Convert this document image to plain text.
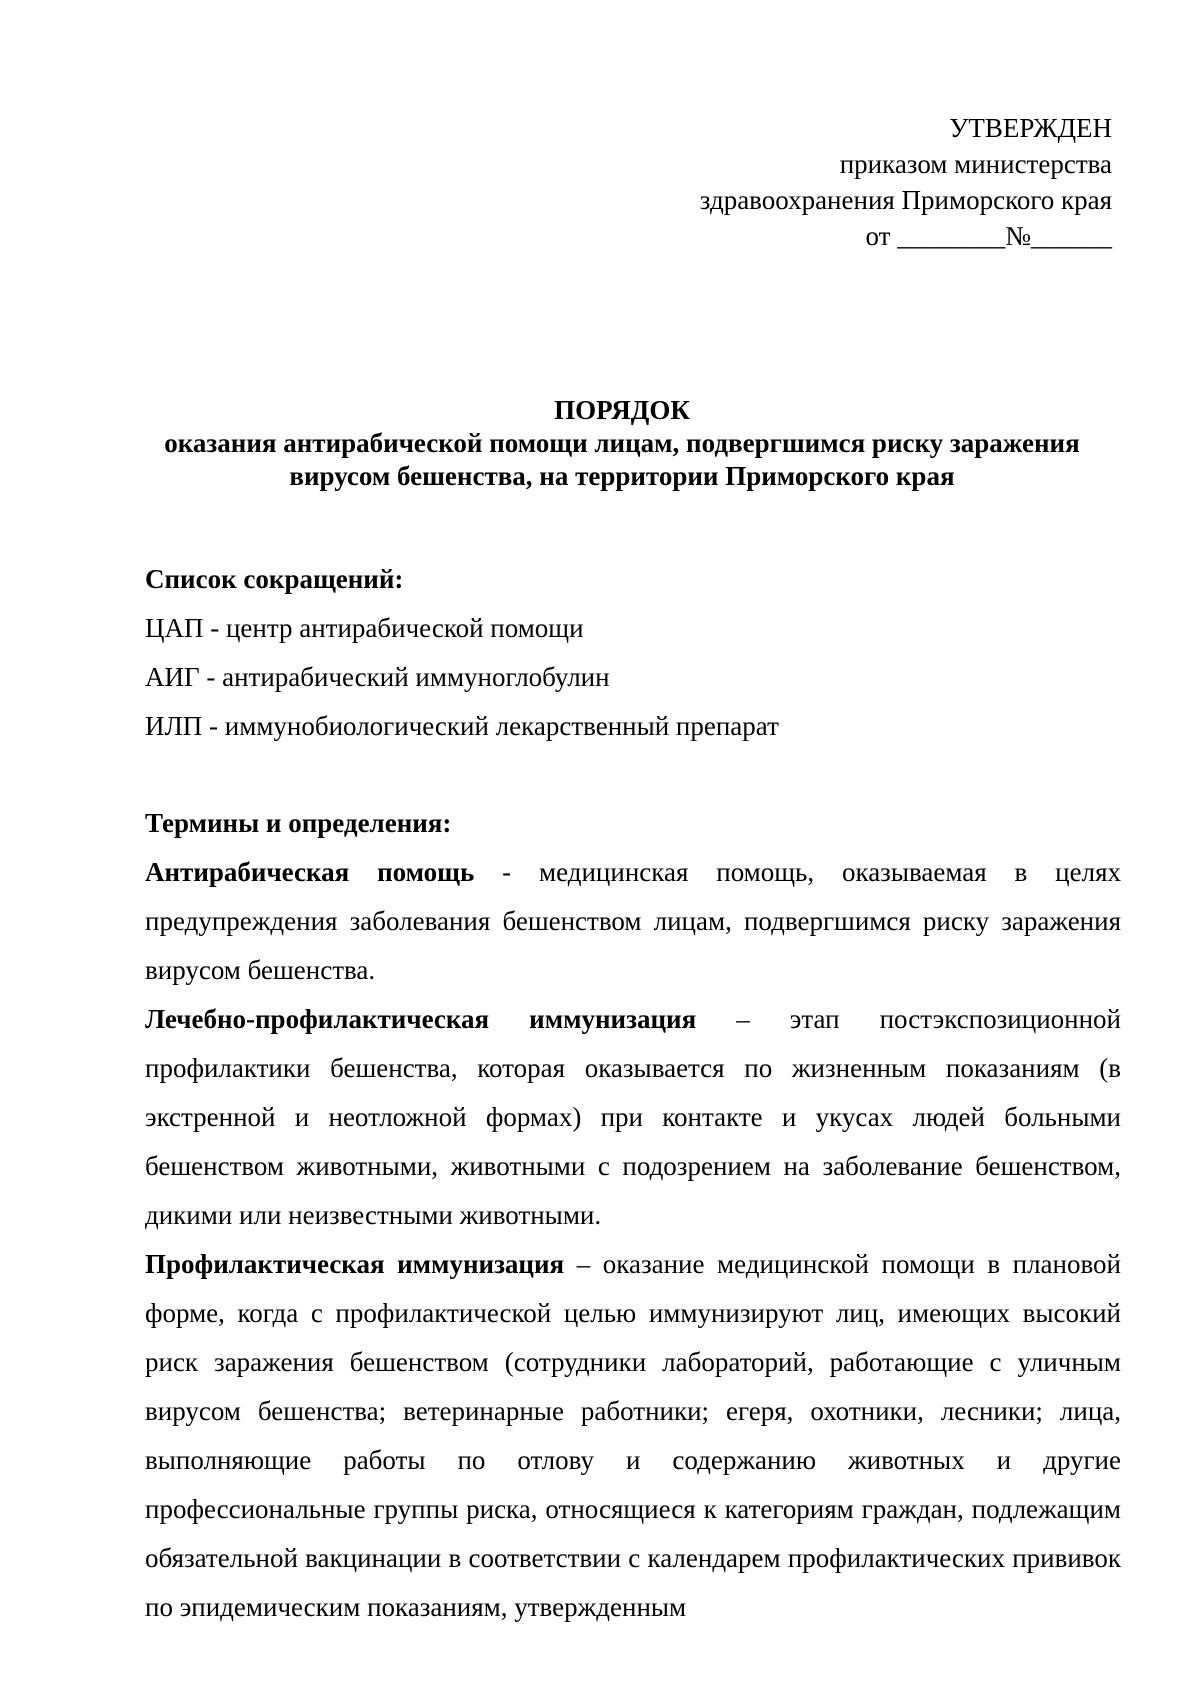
УТВЕРЖДЕН
приказом министерства
здравоохранения Приморского края
от ________№______
ПОРЯДОК
оказания антирабической помощи лицам, подвергшимся риску заражения
вирусом бешенства, на территории Приморского края

Список сокращений:

ЦАП - центр антирабической помощи

АИГ - антирабический иммуноглобулин

ИЛП - иммунобиологический лекарственный препарат

Термины и определения:

Антирабическая помощь - медицинская помощь, оказываемая в целях предупреждения заболевания бешенством лицам, подвергшимся риску заражения вирусом бешенства.

Лечебно-профилактическая иммунизация – этап постэкспозиционной профилактики бешенства, которая оказывается по жизненным показаниям (в экстренной и неотложной формах) при контакте и укусах людей больными бешенством животными, животными с подозрением на заболевание бешенством, дикими или неизвестными животными.

Профилактическая иммунизация – оказание медицинской помощи в плановой форме, когда с профилактической целью иммунизируют лиц, имеющих высокий риск заражения бешенством (сотрудники лабораторий, работающие с уличным вирусом бешенства; ветеринарные работники; егеря, охотники, лесники; лица, выполняющие работы по отлову и содержанию животных и другие профессиональные группы риска, относящиеся к категориям граждан, подлежащим обязательной вакцинации в соответствии с календарем профилактических прививок по эпидемическим показаниям, утвержденным
